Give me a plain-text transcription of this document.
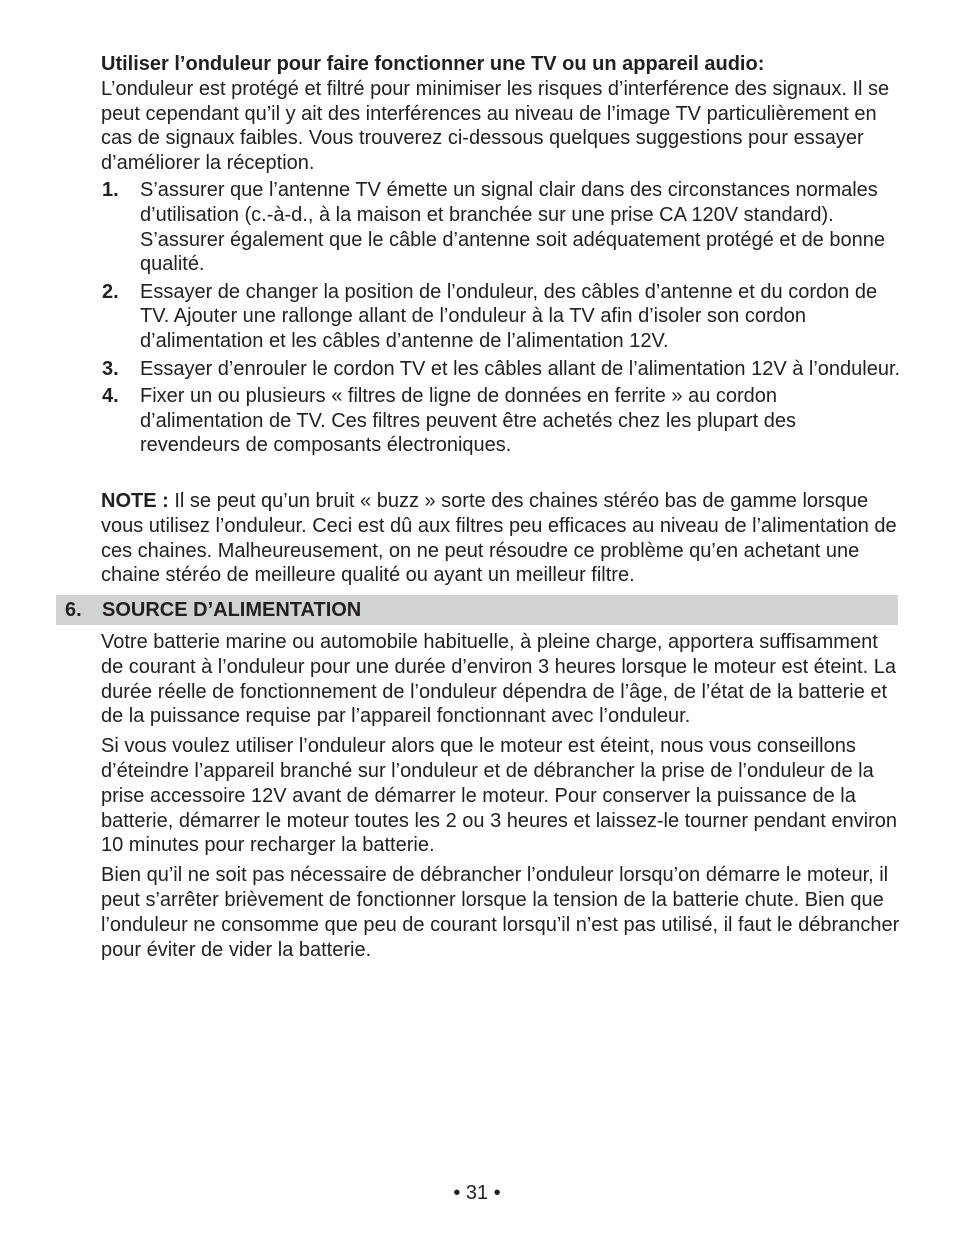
Utiliser l’onduleur pour faire fonctionner une TV ou un appareil audio:
L’onduleur est protégé et filtré pour minimiser les risques d’interférence des signaux. Il se peut cependant qu’il y ait des interférences au niveau de l’image TV particulièrement en cas de signaux faibles. Vous trouverez ci-dessous quelques suggestions pour essayer d’améliorer la réception.
1. S’assurer que l’antenne TV émette un signal clair dans des circonstances normales d’utilisation (c.-à-d., à la maison et branchée sur une prise CA 120V standard). S’assurer également que le câble d’antenne soit adéquatement protégé et de bonne qualité.
2. Essayer de changer la position de l’onduleur, des câbles d’antenne et du cordon de TV. Ajouter une rallonge allant de l’onduleur à la TV afin d’isoler son cordon d’alimentation et les câbles d’antenne de l’alimentation 12V.
3. Essayer d’enrouler le cordon TV et les câbles allant de l’alimentation 12V à l’onduleur.
4. Fixer un ou plusieurs « filtres de ligne de données en ferrite » au cordon d’alimentation de TV. Ces filtres peuvent être achetés chez les plupart des revendeurs de composants électroniques.
NOTE : Il se peut qu’un bruit « buzz » sorte des chaines stéréo bas de gamme lorsque vous utilisez l’onduleur. Ceci est dû aux filtres peu efficaces au niveau de l’alimentation de ces chaines. Malheureusement, on ne peut résoudre ce problème qu’en achetant une chaine stéréo de meilleure qualité ou ayant un meilleur filtre.
6. SOURCE D’ALIMENTATION
Votre batterie marine ou automobile habituelle, à pleine charge, apportera suffisamment de courant à l’onduleur pour une durée d’environ 3 heures lorsque le moteur est éteint. La durée réelle de fonctionnement de l’onduleur dépendra de l’âge, de l’état de la batterie et de la puissance requise par l’appareil fonctionnant avec l’onduleur.
Si vous voulez utiliser l’onduleur alors que le moteur est éteint, nous vous conseillons d’éteindre l’appareil branché sur l’onduleur et de débrancher la prise de l’onduleur de la prise accessoire 12V avant de démarrer le moteur. Pour conserver la puissance de la batterie, démarrer le moteur toutes les 2 ou 3 heures et laissez-le tourner pendant environ 10 minutes pour recharger la batterie.
Bien qu’il ne soit pas nécessaire de débrancher l’onduleur lorsqu’on démarre le moteur, il peut s’arrêter brièvement de fonctionner lorsque la tension de la batterie chute. Bien que l’onduleur ne consomme que peu de courant lorsqu’il n’est pas utilisé, il faut le débrancher pour éviter de vider la batterie.
• 31 •
